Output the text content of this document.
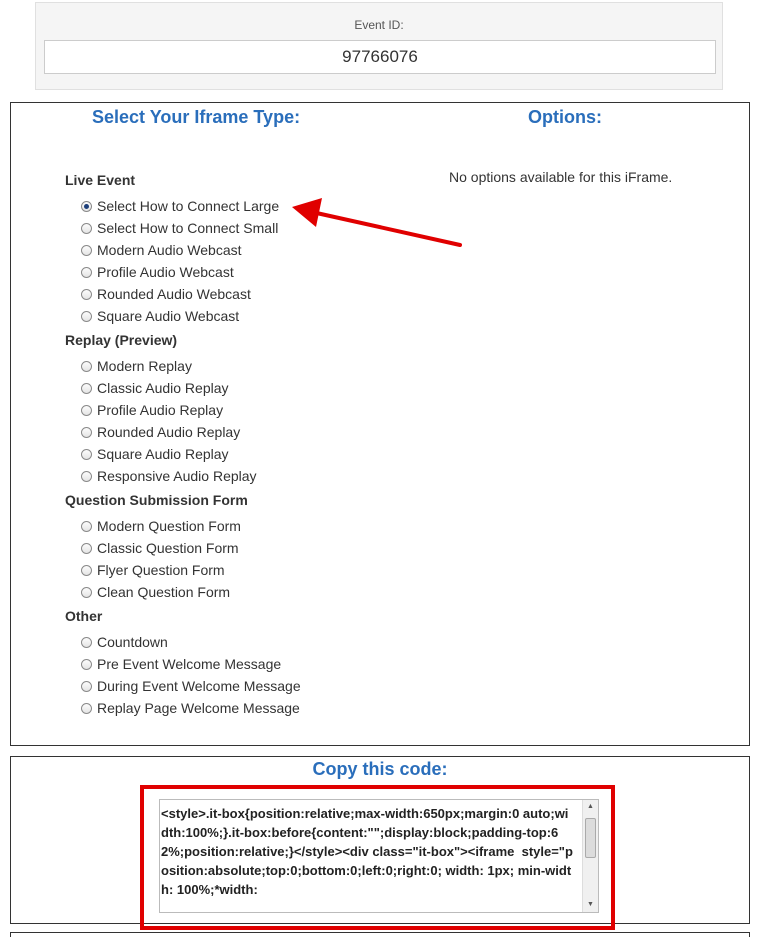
Event ID:
97766076
Select Your Iframe Type:	Options:
No options available for this iFrame.
Live Event
Select How to Connect Large
Select How to Connect Small
Modern Audio Webcast
Profile Audio Webcast
Rounded Audio Webcast
Square Audio Webcast
Replay (Preview)
Modern Replay
Classic Audio Replay
Profile Audio Replay
Rounded Audio Replay
Square Audio Replay
Responsive Audio Replay
Question Submission Form
Modern Question Form
Classic Question Form
Flyer Question Form
Clean Question Form
Other
Countdown
Pre Event Welcome Message
During Event Welcome Message
Replay Page Welcome Message
Copy this code:
<style>.it-box{position:relative;max-width:650px;margin:0 auto;width:100%;}.it-box:before{content:"";display:block;padding-top:62%;position:relative;}</style><div class="it-box"><iframe  style="position:absolute;top:0;bottom:0;left:0;right:0; width: 1px; min-width: 100%;*width:
▲
▼
